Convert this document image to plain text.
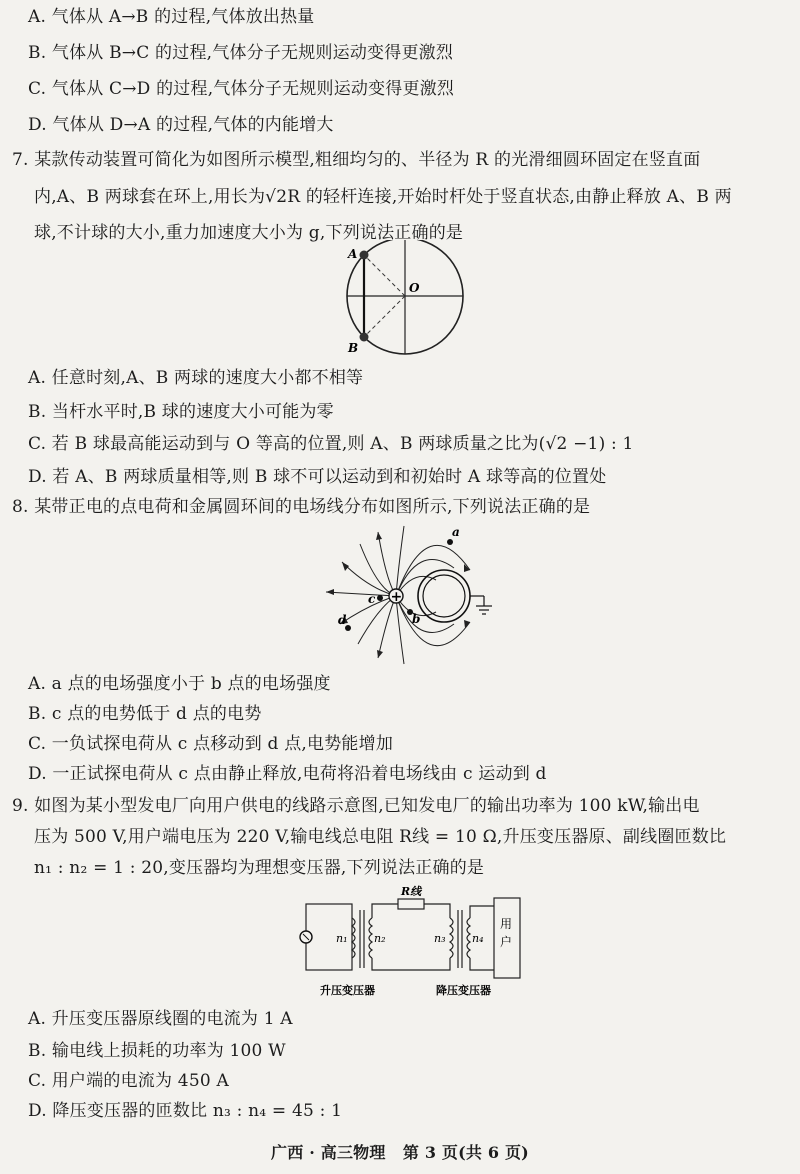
A. 气体从 A→B 的过程,气体放出热量
B. 气体从 B→C 的过程,气体分子无规则运动变得更激烈
C. 气体从 C→D 的过程,气体分子无规则运动变得更激烈
D. 气体从 D→A 的过程,气体的内能增大
7. 某款传动装置可简化为如图所示模型,粗细均匀的、半径为 R 的光滑细圆环固定在竖直面
内,A、B 两球套在环上,用长为√2R 的轻杆连接,开始时杆处于竖直状态,由静止释放 A、B 两
球,不计球的大小,重力加速度大小为 g,下列说法正确的是
A
B
O
A. 任意时刻,A、B 两球的速度大小都不相等
B. 当杆水平时,B 球的速度大小可能为零
C. 若 B 球最高能运动到与 O 等高的位置,则 A、B 两球质量之比为(√2 −1) : 1
D. 若 A、B 两球质量相等,则 B 球不可以运动到和初始时 A 球等高的位置处
8. 某带正电的点电荷和金属圆环间的电场线分布如图所示,下列说法正确的是
+
a
b
c
d
A. a 点的电场强度小于 b 点的电场强度
B. c 点的电势低于 d 点的电势
C. 一负试探电荷从 c 点移动到 d 点,电势能增加
D. 一正试探电荷从 c 点由静止释放,电荷将沿着电场线由 c 运动到 d
9. 如图为某小型发电厂向用户供电的线路示意图,已知发电厂的输出功率为 100 kW,输出电
压为 500 V,用户端电压为 220 V,输电线总电阻 R线 = 10 Ω,升压变压器原、副线圈匝数比
n₁ : n₂ = 1 : 20,变压器均为理想变压器,下列说法正确的是
R线
n₁ n₂	n₃ n₄
用
户
升压变压器	降压变压器
A. 升压变压器原线圈的电流为 1 A
B. 输电线上损耗的功率为 100 W
C. 用户端的电流为 450 A
D. 降压变压器的匝数比 n₃ : n₄ = 45 : 1
广西 · 高三物理   第 3 页(共 6 页)
